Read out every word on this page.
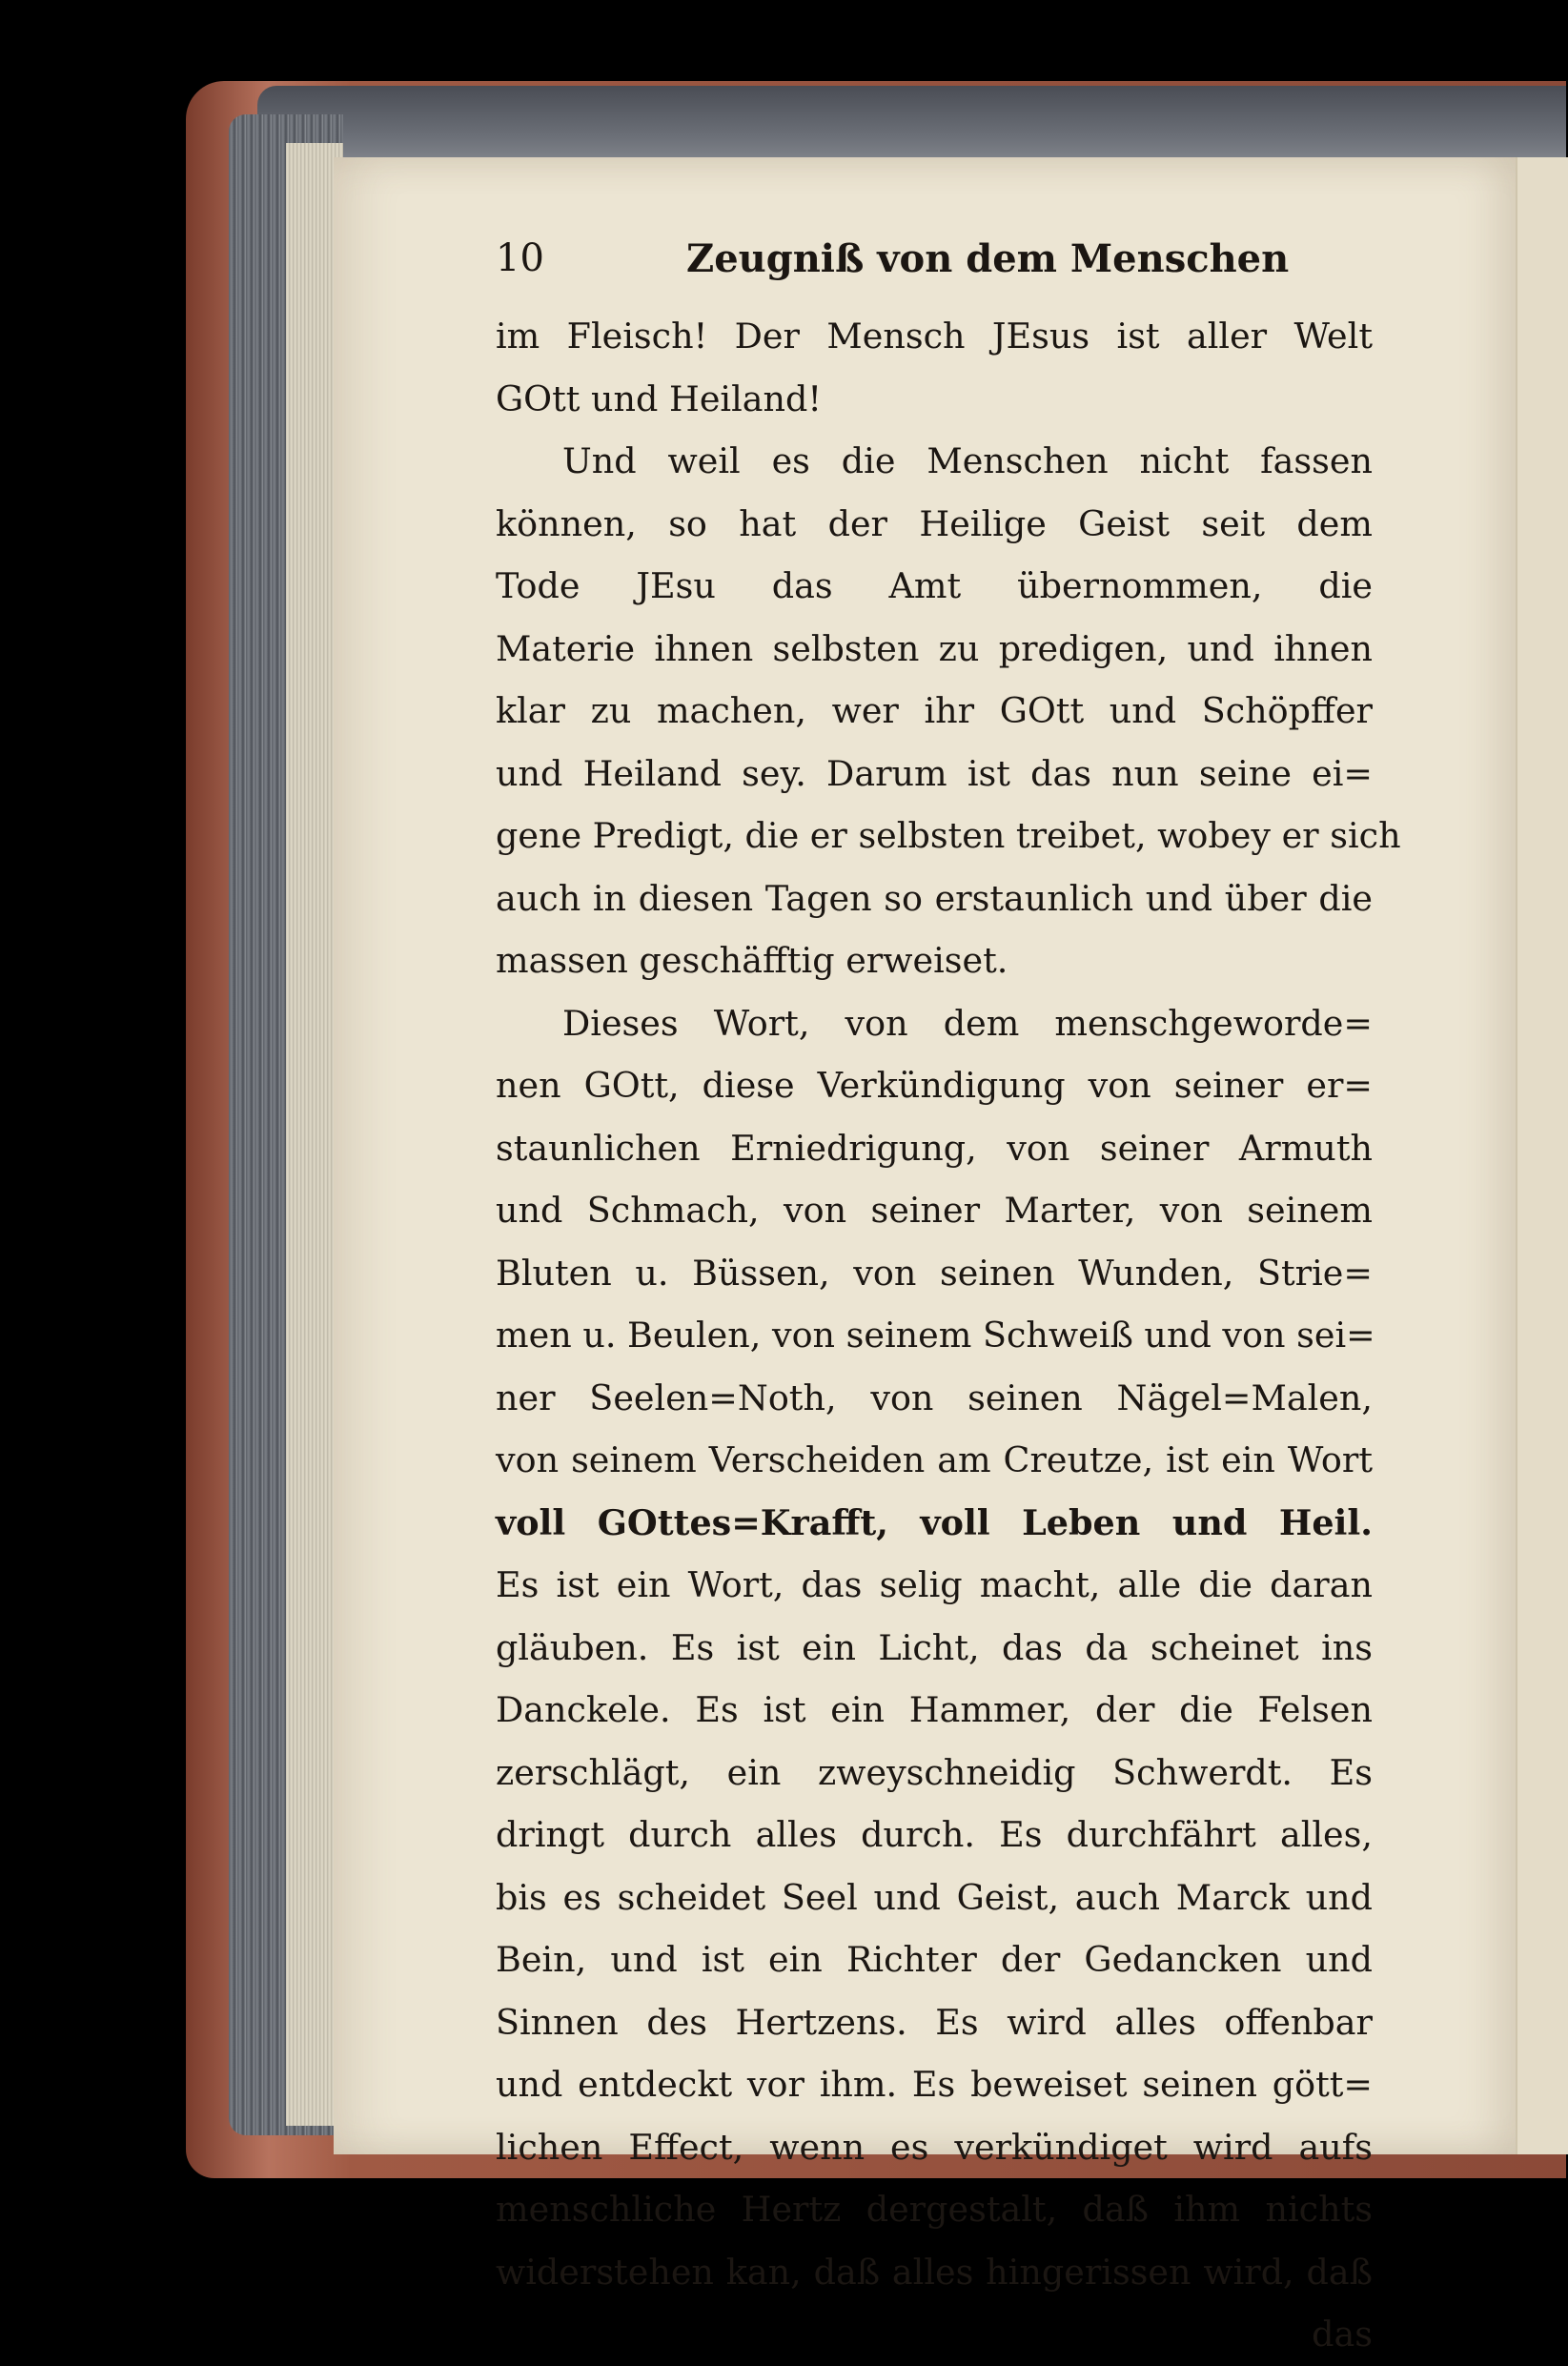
10	Zeugniß von dem Menschen
im Fleisch! Der Mensch JEsus ist aller Welt
GOtt und Heiland!
Und weil es die Menschen nicht fassen
können, so hat der Heilige Geist seit dem
Tode JEsu das Amt übernommen, die
Materie ihnen selbsten zu predigen, und ihnen
klar zu machen, wer ihr GOtt und Schöpffer
und Heiland sey. Darum ist das nun seine ei=
gene Predigt, die er selbsten treibet, wobey er sich
auch in diesen Tagen so erstaunlich und über die
massen geschäfftig erweiset.
Dieses Wort, von dem menschgeworde=
nen GOtt, diese Verkündigung von seiner er=
staunlichen Erniedrigung, von seiner Armuth
und Schmach, von seiner Marter, von seinem
Bluten u. Büssen, von seinen Wunden, Strie=
men u. Beulen, von seinem Schweiß und von sei=
ner Seelen=Noth, von seinen Nägel=Malen,
von seinem Verscheiden am Creutze, ist ein Wort
voll GOttes=Krafft, voll Leben und Heil.
Es ist ein Wort, das selig macht, alle die daran
gläuben. Es ist ein Licht, das da scheinet ins
Danckele. Es ist ein Hammer, der die Felsen
zerschlägt, ein zweyschneidig Schwerdt. Es
dringt durch alles durch. Es durchfährt alles,
bis es scheidet Seel und Geist, auch Marck und
Bein, und ist ein Richter der Gedancken und
Sinnen des Hertzens. Es wird alles offenbar
und entdeckt vor ihm. Es beweiset seinen gött=
lichen Effect, wenn es verkündiget wird aufs
menschliche Hertz dergestalt, daß ihm nichts
widerstehen kan, daß alles hingerissen wird, daß
das
